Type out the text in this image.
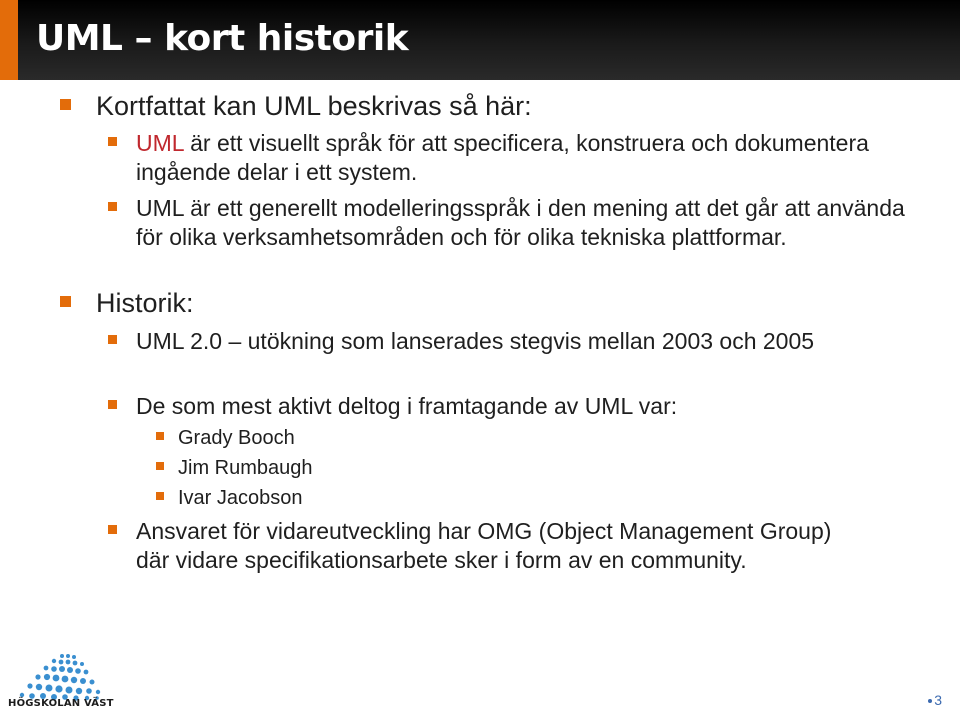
UML – kort historik
Kortfattat kan UML beskrivas så här:
UML är ett visuellt språk för att specificera, konstruera och dokumentera ingående delar i ett system.
UML är ett generellt modelleringsspråk i den mening att det går att använda för olika verksamhetsområden och för olika tekniska plattformar.
Historik:
UML 2.0 – utökning som lanserades stegvis mellan 2003 och 2005
De som mest aktivt deltog i framtagande av UML var:
Grady Booch
Jim Rumbaugh
Ivar Jacobson
Ansvaret för vidareutveckling har OMG (Object Management Group) där vidare specifikationsarbete sker i form av en community.
HÖGSKOLAN VÄST	3
